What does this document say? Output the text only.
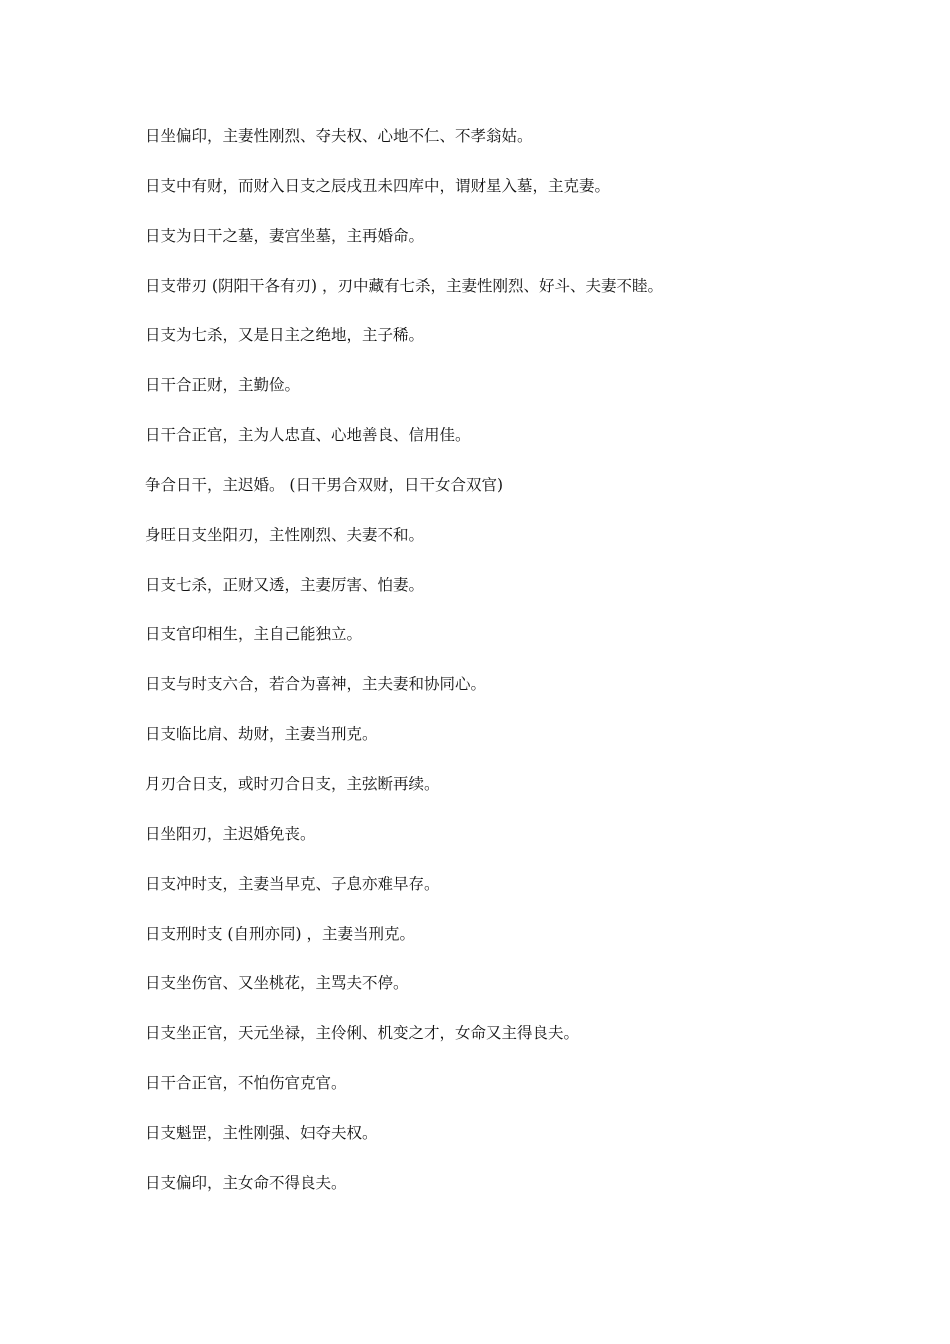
日坐偏印，主妻性刚烈、夺夫权、心地不仁、不孝翁姑。
日支中有财，而财入日支之辰戌丑未四库中，谓财星入墓，主克妻。
日支为日干之墓，妻宫坐墓，主再婚命。
日支带刃 (阴阳干各有刃) ，刃中藏有七杀，主妻性刚烈、好斗、夫妻不睦。
日支为七杀，又是日主之绝地，主子稀。
日干合正财，主勤俭。
日干合正官，主为人忠直、心地善良、信用佳。
争合日干，主迟婚。 (日干男合双财，日干女合双官)
身旺日支坐阳刃，主性刚烈、夫妻不和。
日支七杀，正财又透，主妻厉害、怕妻。
日支官印相生，主自己能独立。
日支与时支六合，若合为喜神，主夫妻和协同心。
日支临比肩、劫财，主妻当刑克。
月刃合日支，或时刃合日支，主弦断再续。
日坐阳刃，主迟婚免丧。
日支冲时支，主妻当早克、子息亦难早存。
日支刑时支 (自刑亦同) ，主妻当刑克。
日支坐伤官、又坐桃花，主骂夫不停。
日支坐正官，天元坐禄，主伶俐、机变之才，女命又主得良夫。
日干合正官，不怕伤官克官。
日支魁罡，主性刚强、妇夺夫权。
日支偏印，主女命不得良夫。
